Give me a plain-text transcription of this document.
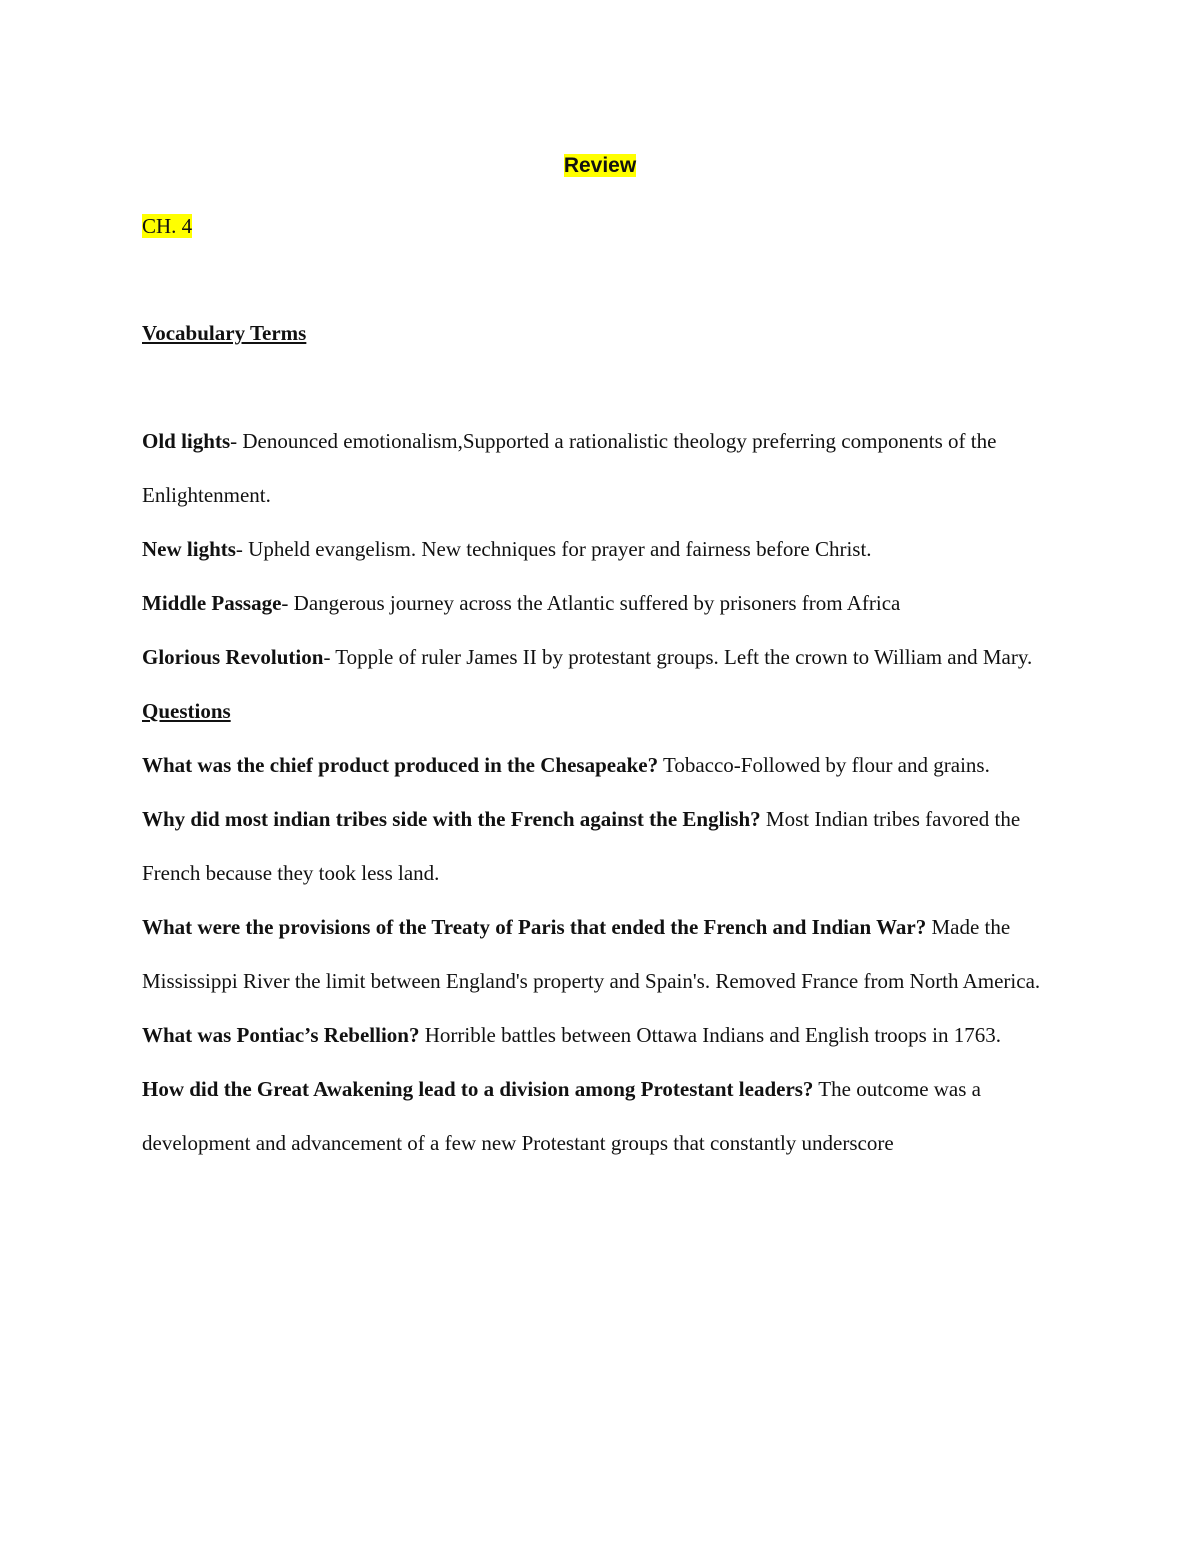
Review
CH. 4
Vocabulary Terms

Old lights- Denounced emotionalism,Supported a rationalistic theology preferring components of the Enlightenment.

New lights- Upheld evangelism. New techniques for prayer and fairness before Christ.

Middle Passage- Dangerous journey across the Atlantic suffered by prisoners from Africa

Glorious Revolution- Topple of ruler James II by protestant groups. Left the crown to William and Mary.

Questions

What was the chief product produced in the Chesapeake? Tobacco-Followed by flour and grains.

Why did most indian tribes side with the French against the English? Most Indian tribes favored the French because they took less land.

What were the provisions of the Treaty of Paris that ended the French and Indian War? Made the Mississippi River the limit between England's property and Spain's. Removed France from North America.

What was Pontiac’s Rebellion? Horrible battles between Ottawa Indians and English troops in 1763.

How did the Great Awakening lead to a division among Protestant leaders? The outcome was a development and advancement of a few new Protestant groups that constantly underscore
